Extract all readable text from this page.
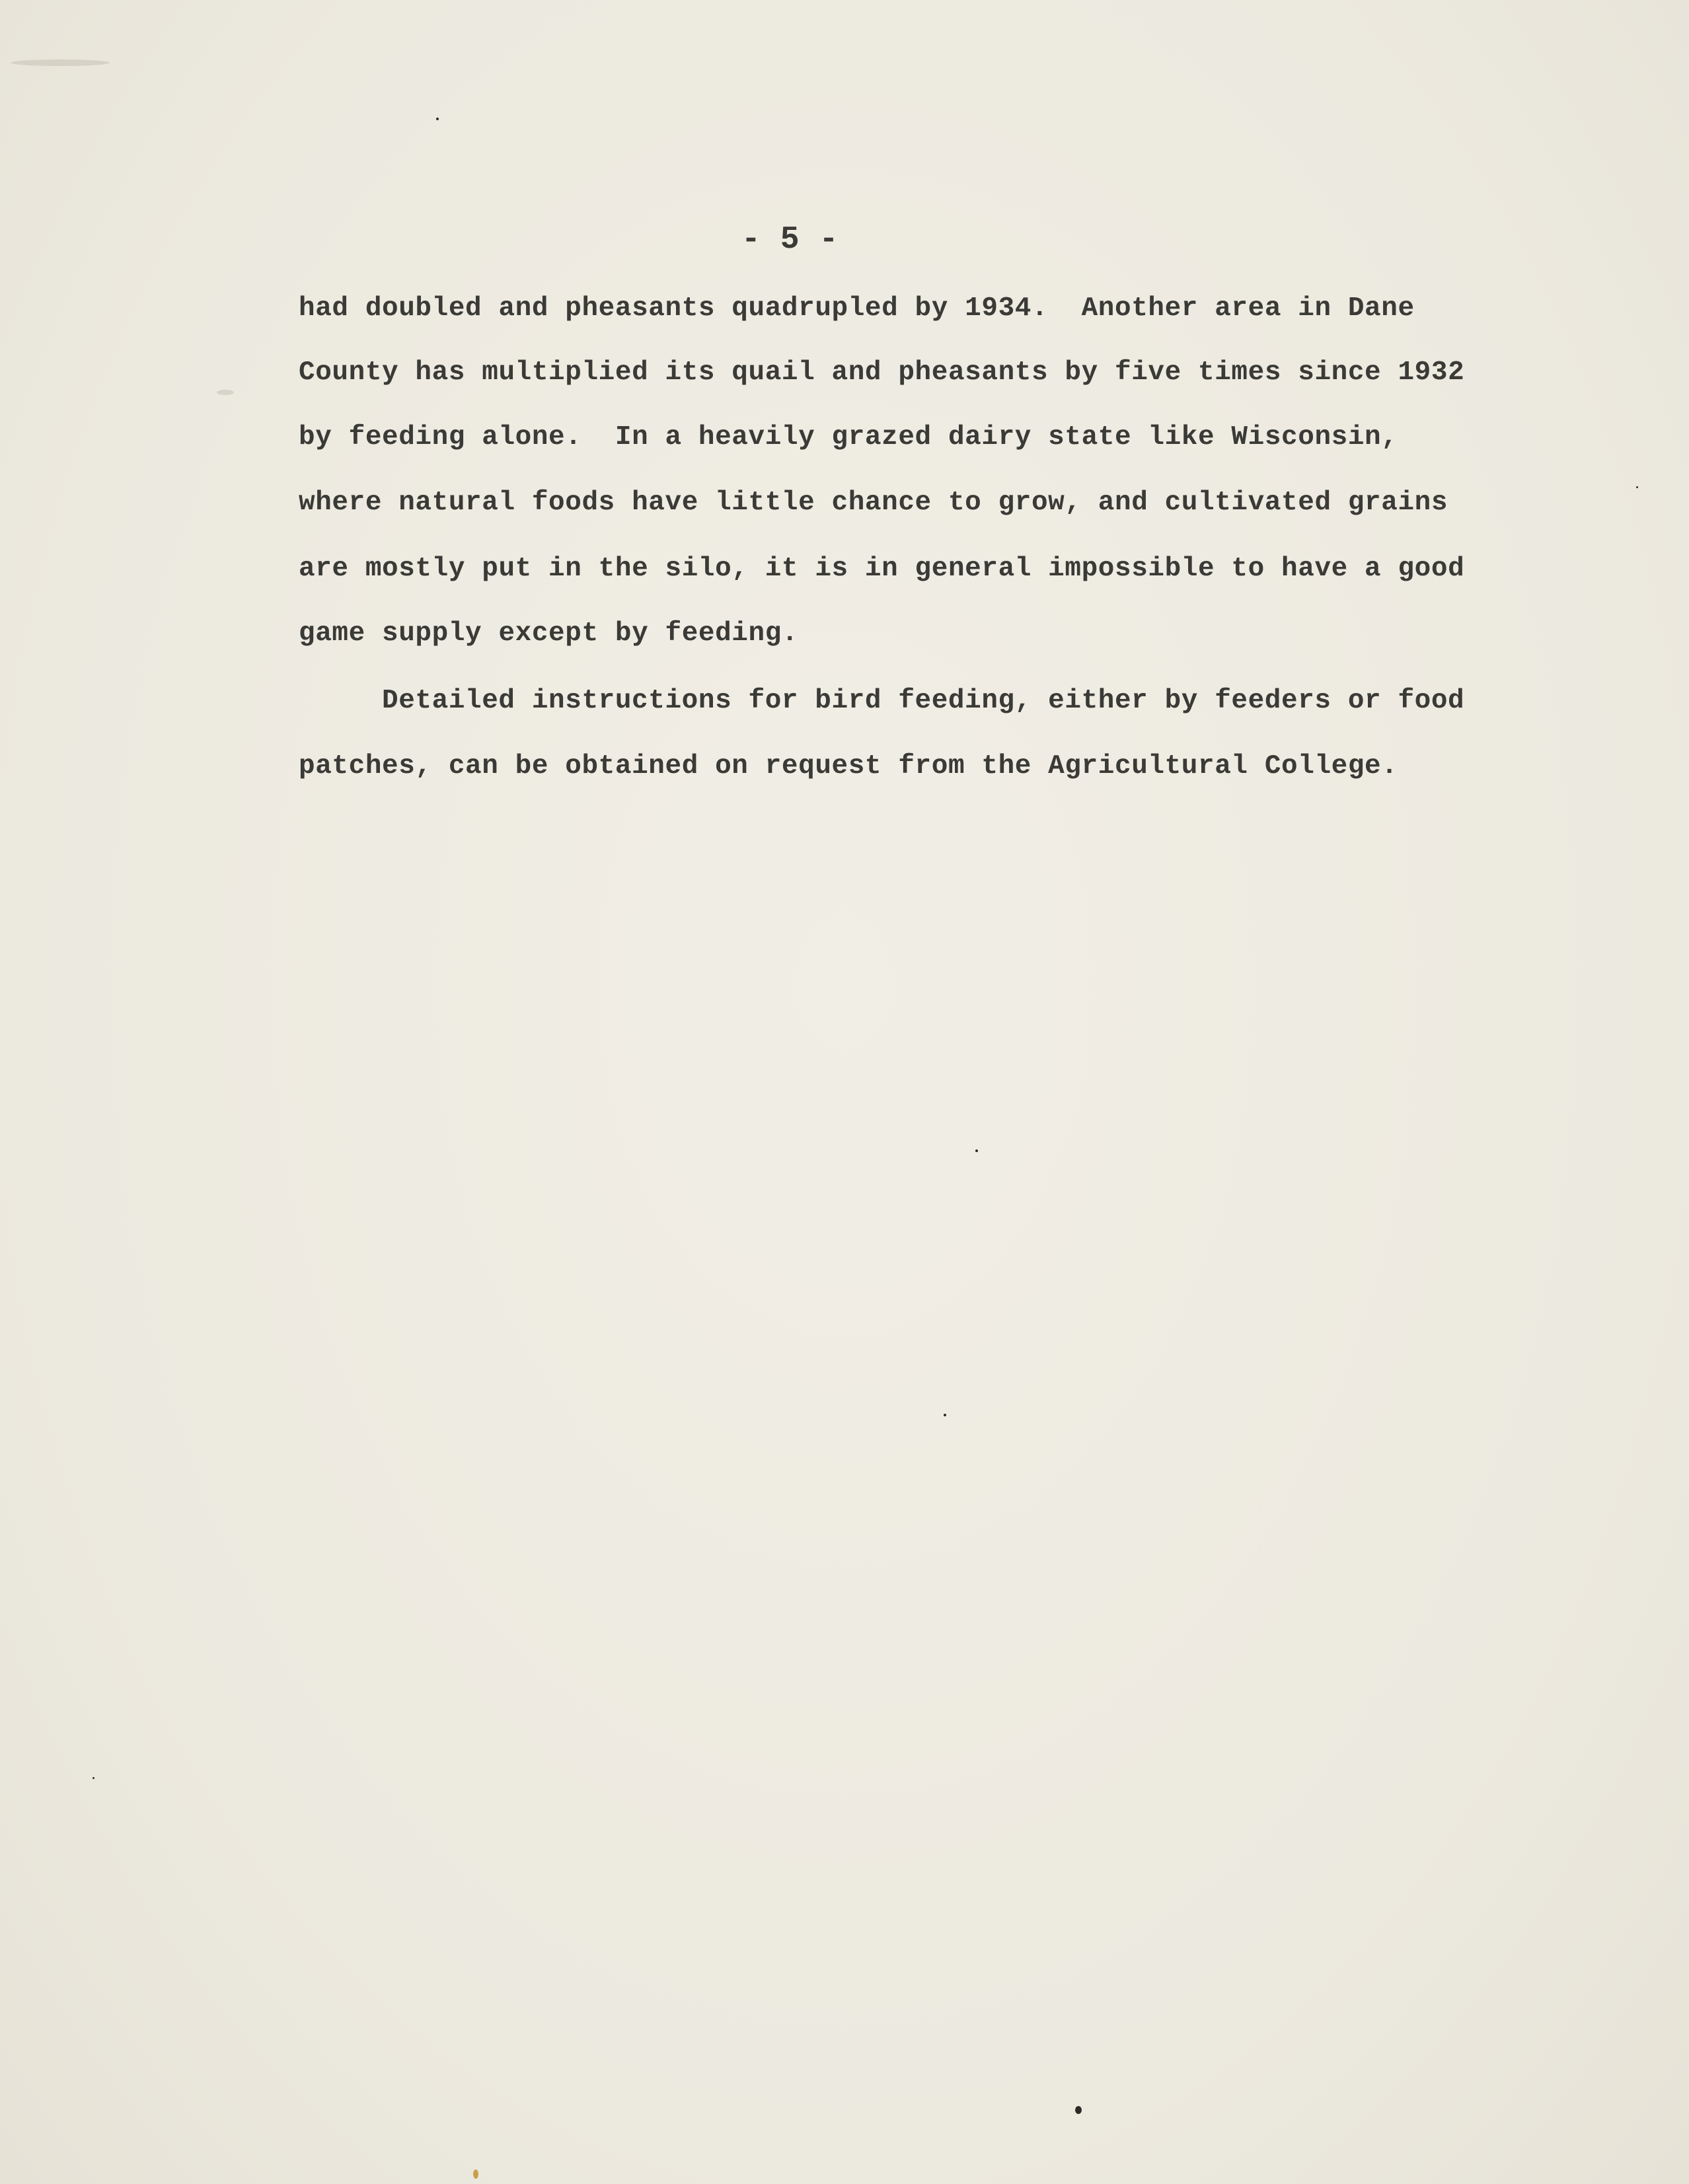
- 5 -

had doubled and pheasants quadrupled by 1934.  Another area in Dane

County has multiplied its quail and pheasants by five times since 1932

by feeding alone.  In a heavily grazed dairy state like Wisconsin,

where natural foods have little chance to grow, and cultivated grains

are mostly put in the silo, it is in general impossible to have a good

game supply except by feeding.

Detailed instructions for bird feeding, either by feeders or food

patches, can be obtained on request from the Agricultural College.
